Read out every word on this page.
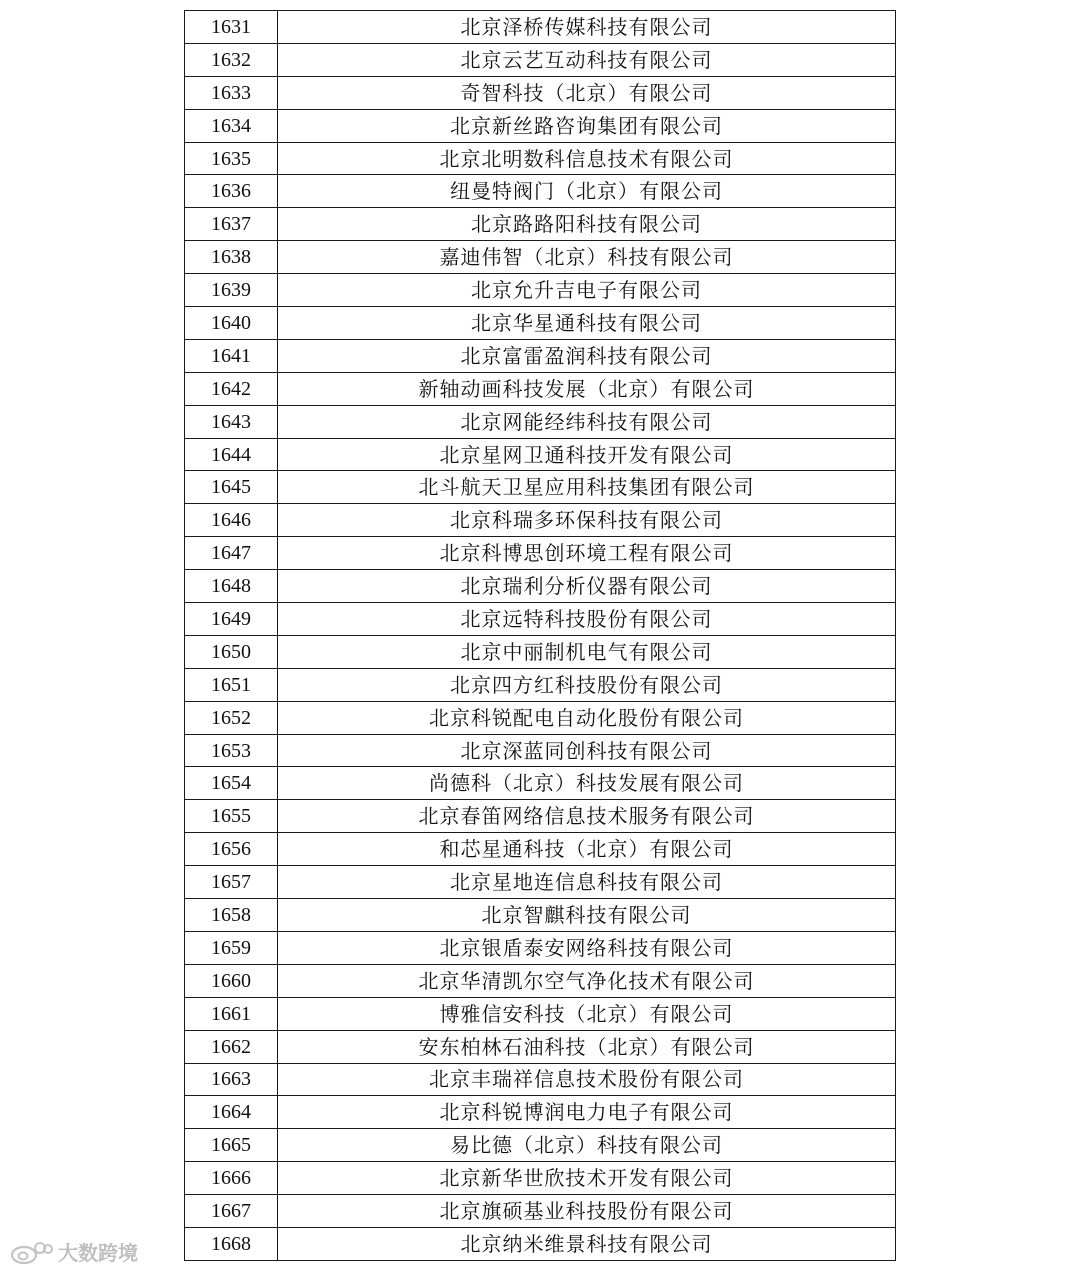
1631	北京泽桥传媒科技有限公司
1632	北京云艺互动科技有限公司
1633	奇智科技（北京）有限公司
1634	北京新丝路咨询集团有限公司
1635	北京北明数科信息技术有限公司
1636	纽曼特阀门（北京）有限公司
1637	北京路路阳科技有限公司
1638	嘉迪伟智（北京）科技有限公司
1639	北京允升吉电子有限公司
1640	北京华星通科技有限公司
1641	北京富雷盈润科技有限公司
1642	新轴动画科技发展（北京）有限公司
1643	北京网能经纬科技有限公司
1644	北京星网卫通科技开发有限公司
1645	北斗航天卫星应用科技集团有限公司
1646	北京科瑞多环保科技有限公司
1647	北京科博思创环境工程有限公司
1648	北京瑞利分析仪器有限公司
1649	北京远特科技股份有限公司
1650	北京中丽制机电气有限公司
1651	北京四方红科技股份有限公司
1652	北京科锐配电自动化股份有限公司
1653	北京深蓝同创科技有限公司
1654	尚德科（北京）科技发展有限公司
1655	北京春笛网络信息技术服务有限公司
1656	和芯星通科技（北京）有限公司
1657	北京星地连信息科技有限公司
1658	北京智麒科技有限公司
1659	北京银盾泰安网络科技有限公司
1660	北京华清凯尔空气净化技术有限公司
1661	博雅信安科技（北京）有限公司
1662	安东柏林石油科技（北京）有限公司
1663	北京丰瑞祥信息技术股份有限公司
1664	北京科锐博润电力电子有限公司
1665	易比德（北京）科技有限公司
1666	北京新华世欣技术开发有限公司
1667	北京旗硕基业科技股份有限公司
1668	北京纳米维景科技有限公司
大数跨境
